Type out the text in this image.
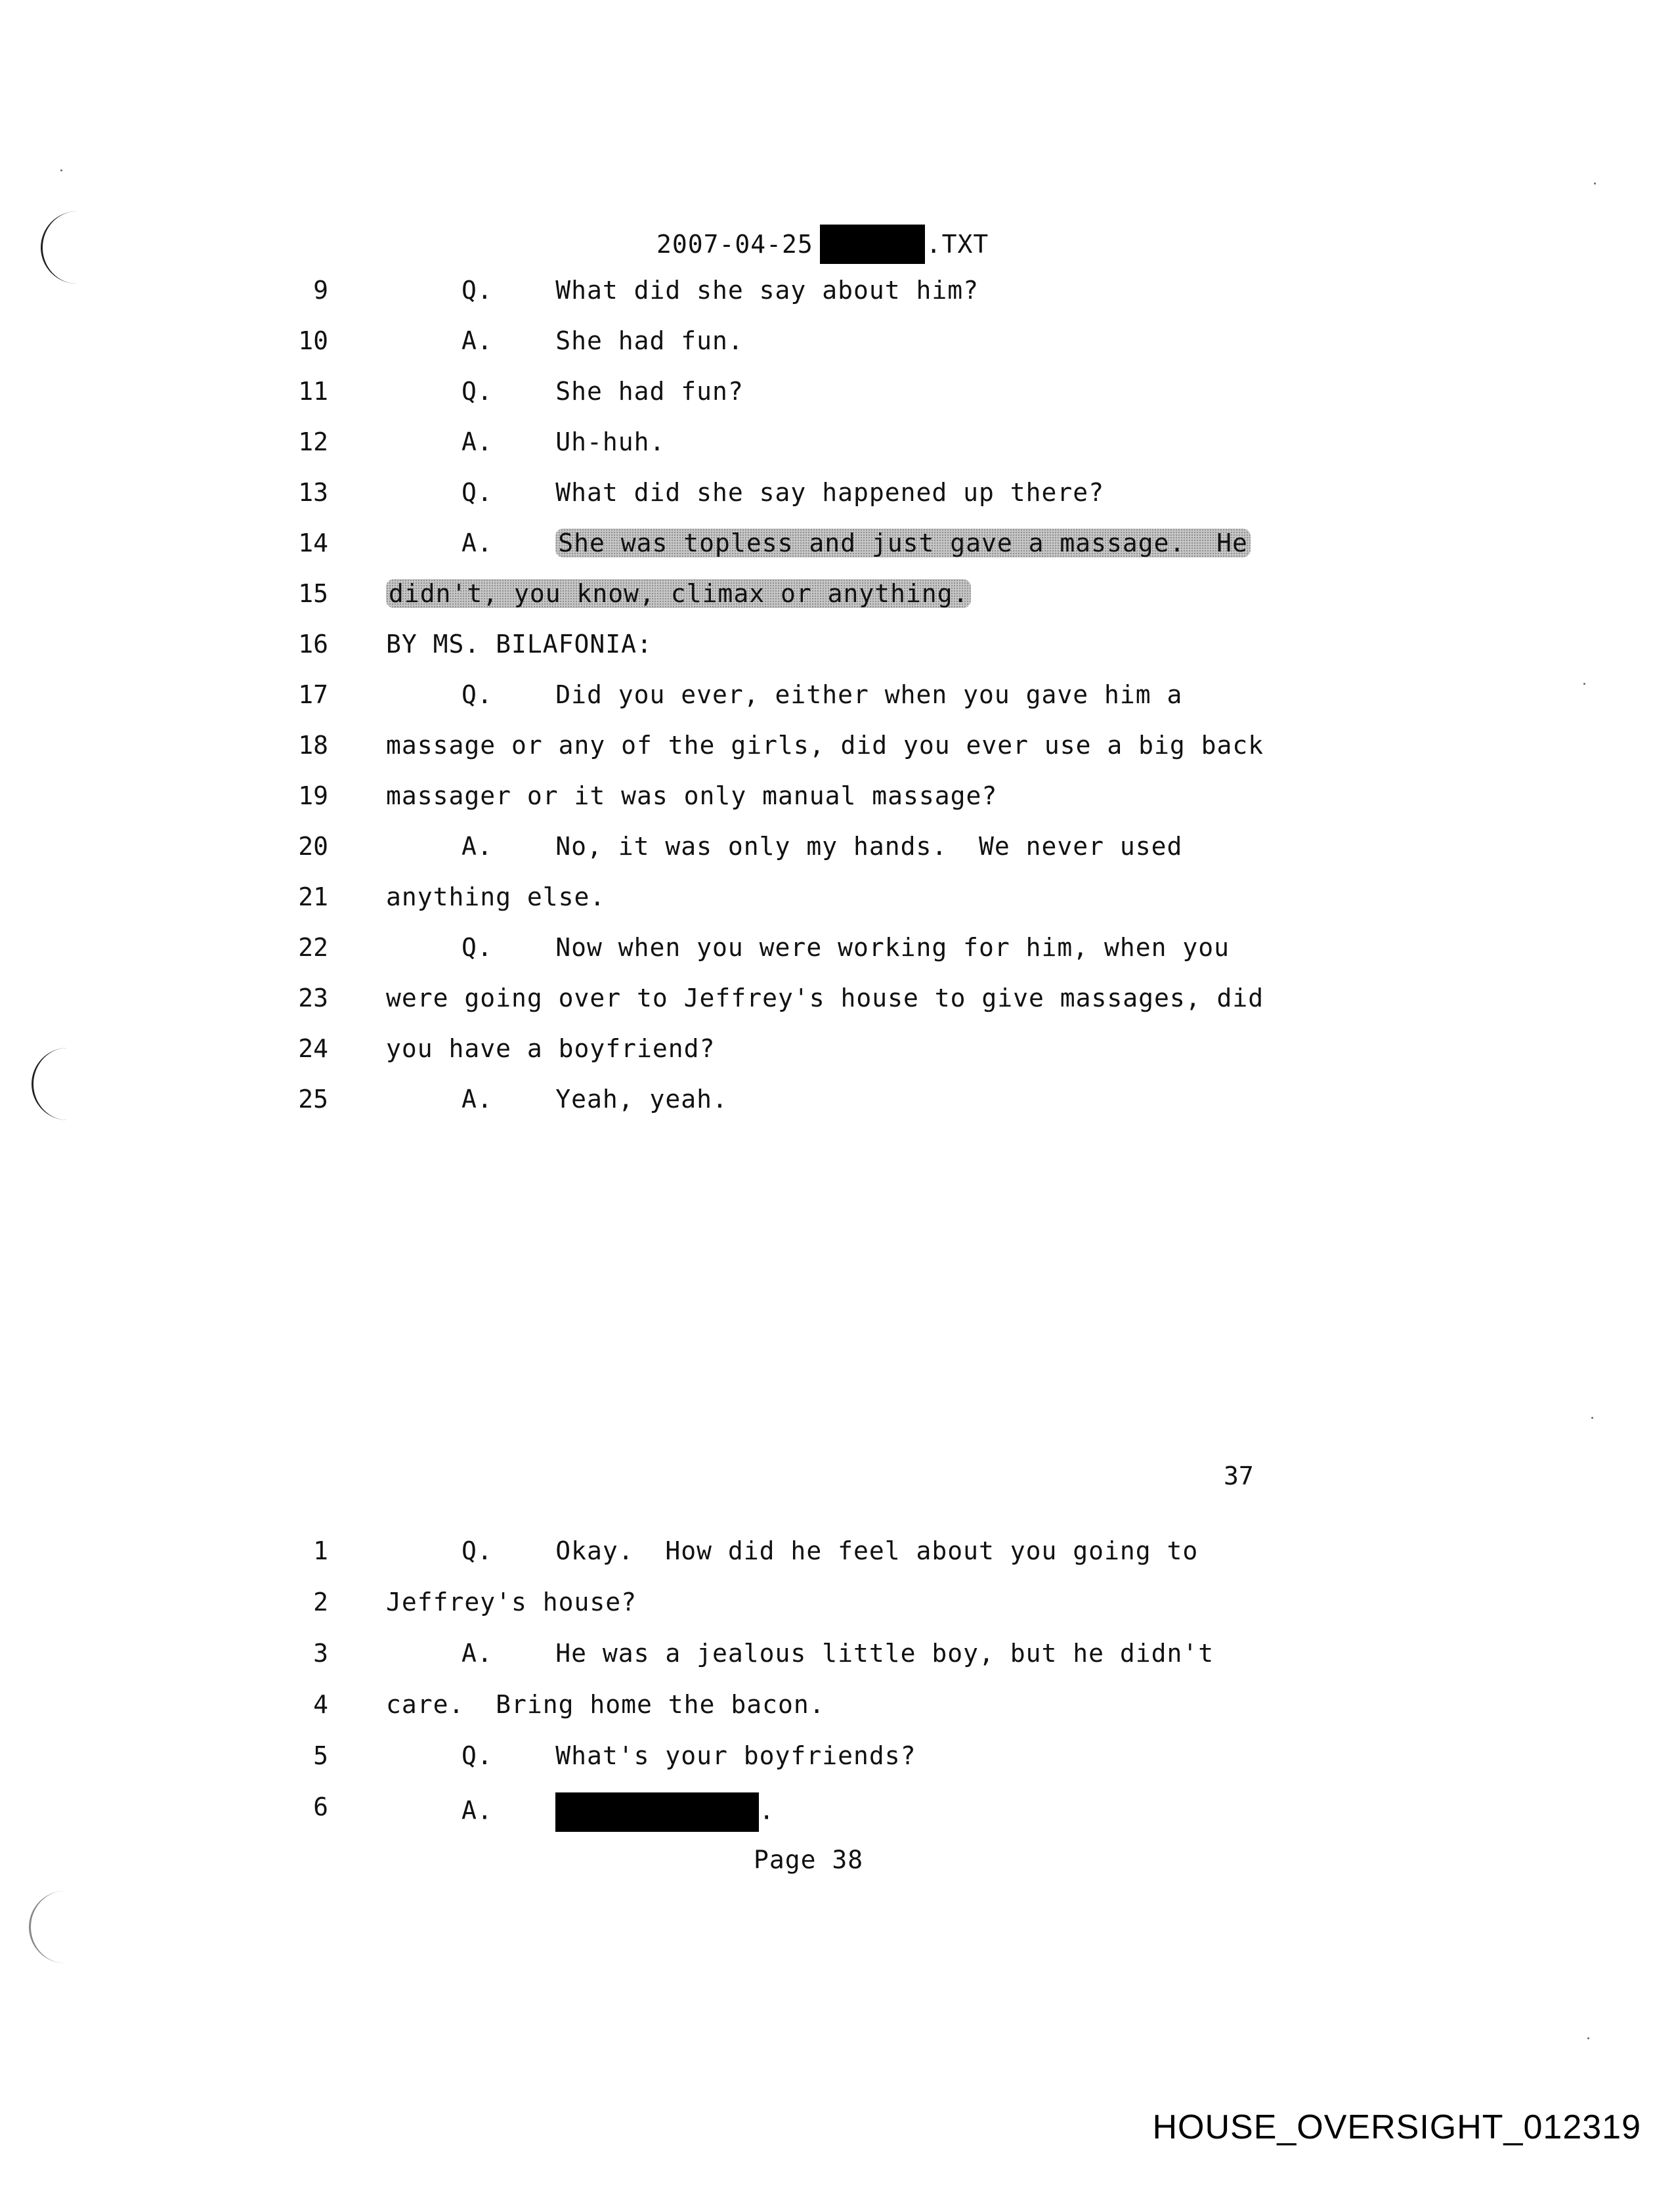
2007-04-25	.TXT
9	Q.    What did she say about him?
10	A.    She had fun.
11	Q.    She had fun?
12	A.    Uh-huh.
13	Q.    What did she say happened up there?
14	A.    She was topless and just gave a massage.  He
15 didn't, you know, climax or anything.
16 BY MS. BILAFONIA:
17	Q.    Did you ever, either when you gave him a
18 massage or any of the girls, did you ever use a big back
19 massager or it was only manual massage?
20	A.    No, it was only my hands.  We never used
21 anything else.
22	Q.    Now when you were working for him, when you
23 were going over to Jeffrey's house to give massages, did
24 you have a boyfriend?
25	A.    Yeah, yeah.
37
1	Q.    Okay.  How did he feel about you going to
2 Jeffrey's house?
3	A.    He was a jealous little boy, but he didn't
4 care.  Bring home the bacon.
5	Q.    What's your boyfriends?
6	A.	.
Page 38
HOUSE_OVERSIGHT_012319
